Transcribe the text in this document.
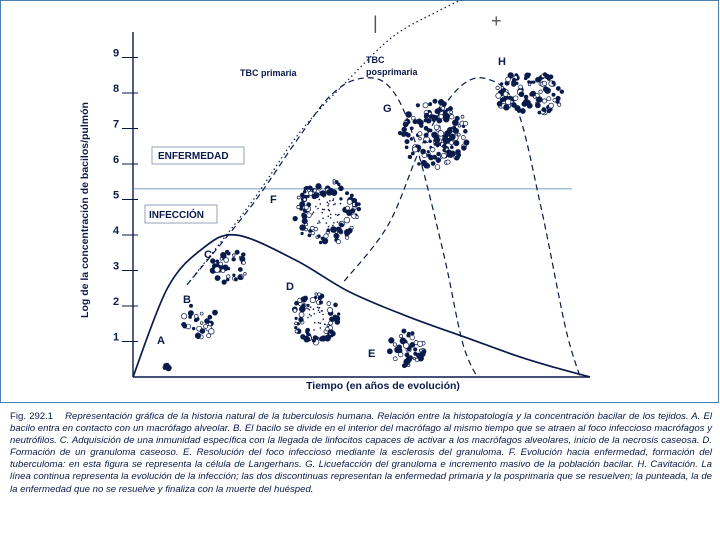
Log de la concentración de bacilos/pulmón
Tiempo (en años de evolución)
1
2
3
4
5
6
7
8
9
ENFERMEDAD
INFECCIÓN
TBC primaria
TBC
posprimaria
|	+
A
B
C
D
E
F
G
H
Fig. 292.1 Representación gráfica de la historia natural de la tuberculosis humana. Relación entre la histopatología y la concentración bacilar de los tejidos. A. El bacilo entra en contacto con un macrófago alveolar. B. El bacilo se divide en el interior del macrófago al mismo tiempo que se atraen al foco infeccioso macrófagos y neutrófilos. C. Adquisición de una inmunidad específica con la llegada de linfocitos capaces de activar a los macrófagos alveolares, inicio de la necrosis caseosa. D. Formación de un granuloma caseoso. E. Resolución del foco infeccioso mediante la esclerosis del granuloma. F. Evolución hacia enfermedad, formación del tuberculoma: en esta figura se representa la célula de Langerhans. G. Licuefacción del granuloma e incremento masivo de la población bacilar. H. Cavitación. La línea continua representa la evolución de la infección; las dos discontinuas representan la enfermedad primaria y la posprimaria que se resuelven; la punteada, la de la enfermedad que no se resuelve y finaliza con la muerte del huésped.
